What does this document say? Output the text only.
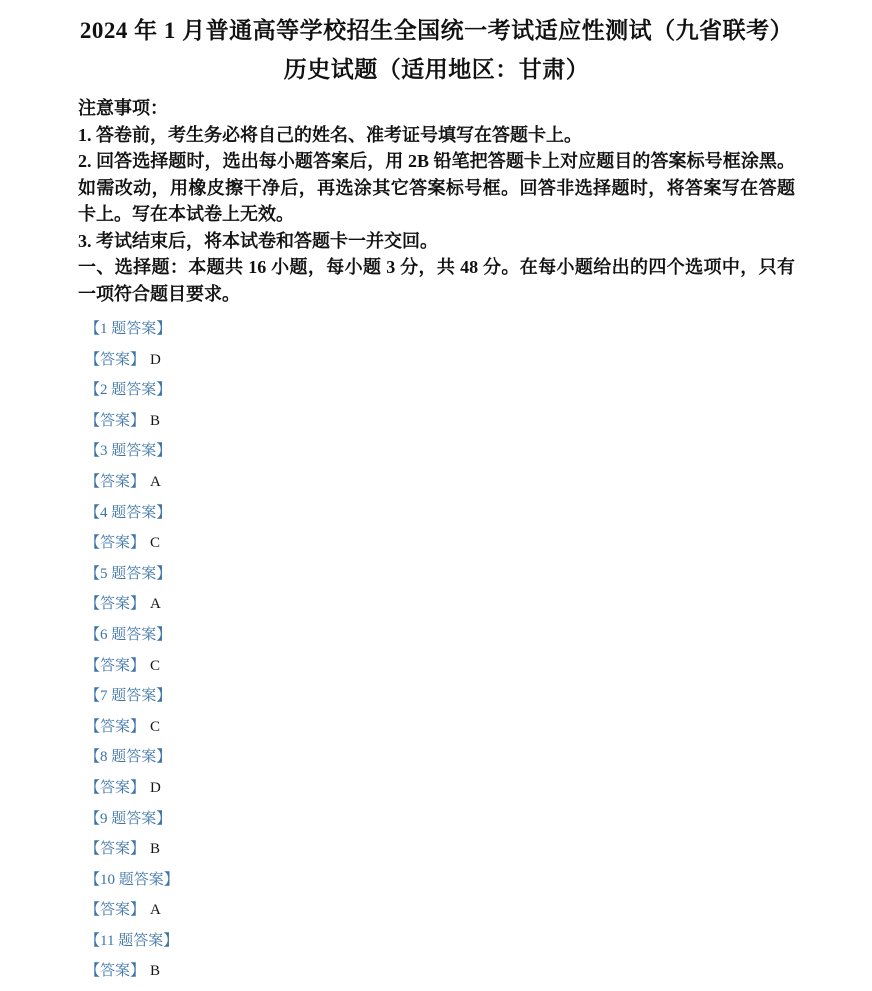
2024 年 1 月普通高等学校招生全国统一考试适应性测试（九省联考）
历史试题（适用地区：甘肃）

注意事项：

1. 答卷前，考生务必将自己的姓名、准考证号填写在答题卡上。

2. 回答选择题时，选出每小题答案后，用 2B 铅笔把答题卡上对应题目的答案标号框涂黑。如需改动，用橡皮擦干净后，再选涂其它答案标号框。回答非选择题时，将答案写在答题卡上。写在本试卷上无效。

3. 考试结束后，将本试卷和答题卡一并交回。

一、选择题：本题共 16 小题，每小题 3 分，共 48 分。在每小题给出的四个选项中，只有一项符合题目要求。

【1 题答案】
【答案】 D
【2 题答案】
【答案】 B
【3 题答案】
【答案】 A
【4 题答案】
【答案】 C
【5 题答案】
【答案】 A
【6 题答案】
【答案】 C
【7 题答案】
【答案】 C
【8 题答案】
【答案】 D
【9 题答案】
【答案】 B
【10 题答案】
【答案】 A
【11 题答案】
【答案】 B
